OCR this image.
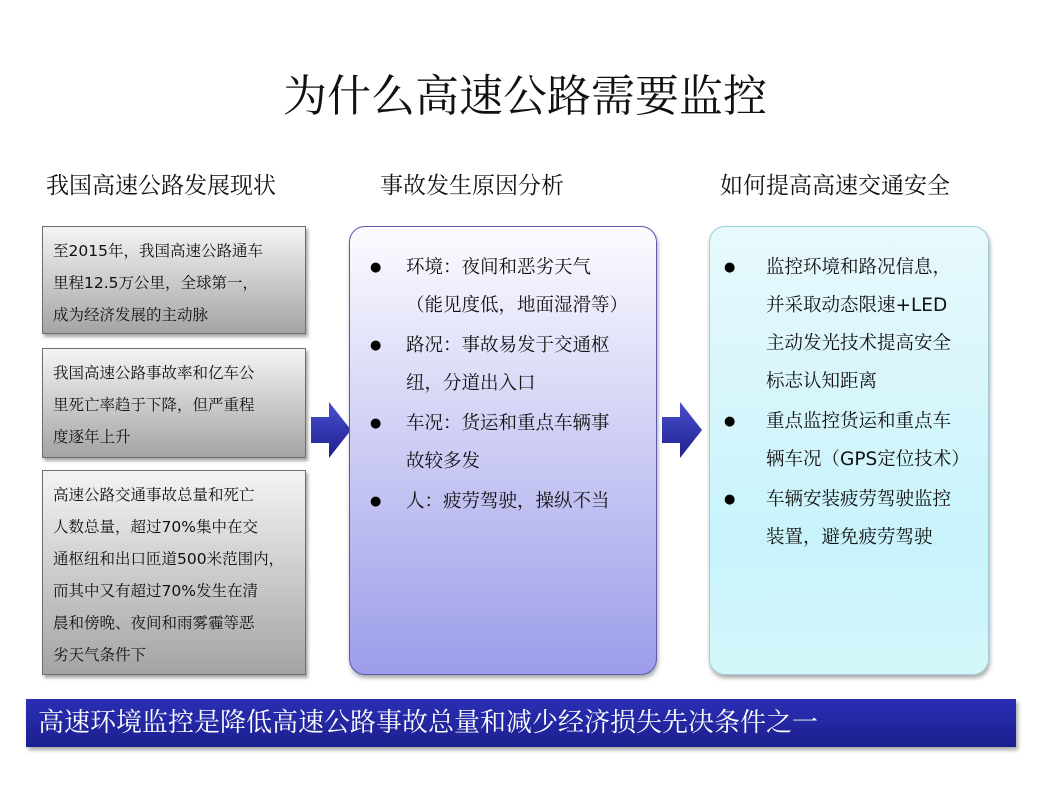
为什么高速公路需要监控
我国高速公路发展现状	事故发生原因分析	如何提高高速交通安全
至2015年，我国高速公路通车
里程12.5万公里，全球第一，
成为经济发展的主动脉
我国高速公路事故率和亿车公
里死亡率趋于下降，但严重程
度逐年上升
高速公路交通事故总量和死亡
人数总量，超过70%集中在交
通枢纽和出口匝道500米范围内，
而其中又有超过70%发生在清
晨和傍晚、夜间和雨雾霾等恶
劣天气条件下
● 环境：夜间和恶劣天气
（能见度低，地面湿滑等）
● 路况：事故易发于交通枢
纽，分道出入口
● 车况：货运和重点车辆事
故较多发
● 人：疲劳驾驶，操纵不当
● 监控环境和路况信息，
并采取动态限速+LED
主动发光技术提高安全
标志认知距离
● 重点监控货运和重点车
辆车况（GPS定位技术）
● 车辆安装疲劳驾驶监控
装置，避免疲劳驾驶
高速环境监控是降低高速公路事故总量和减少经济损失先决条件之一
